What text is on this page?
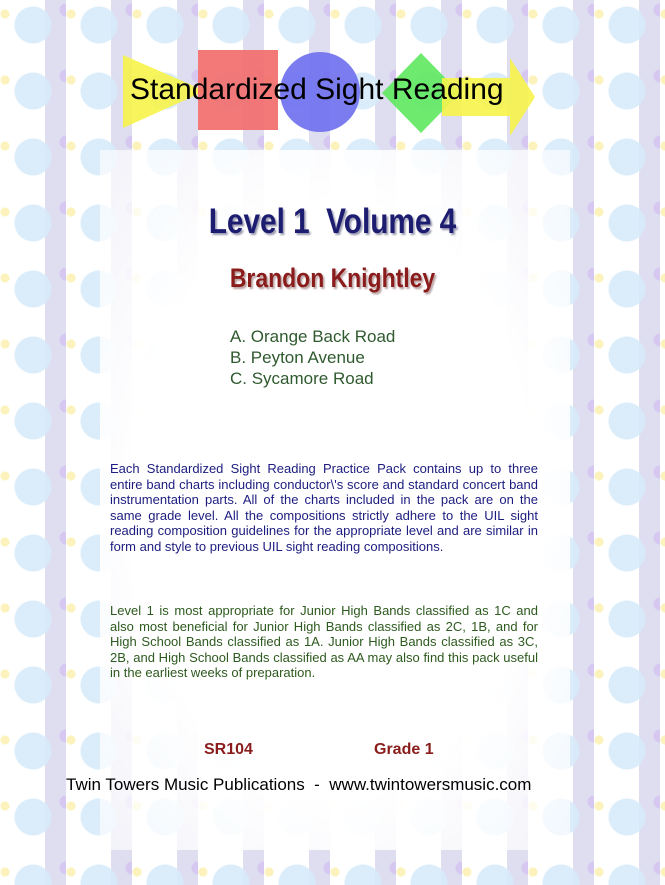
Standardized Sight Reading
Level 1  Volume 4
Brandon Knightley
A. Orange Back Road
B. Peyton Avenue
C. Sycamore Road
Each Standardized Sight Reading Practice Pack contains up to three entire band charts including conductor\'s score and standard concert band instrumentation parts. All of the charts included in the pack are on the same grade level. All the compositions strictly adhere to the UIL sight reading composition guidelines for the appropriate level and are similar in form and style to previous UIL sight reading compositions.
Level 1 is most appropriate for Junior High Bands classified as 1C and also most beneficial for Junior High Bands classified as 2C, 1B, and for High School Bands classified as 1A. Junior High Bands classified as 3C, 2B, and High School Bands classified as AA may also find this pack useful in the earliest weeks of preparation.
SR104	Grade 1
Twin Towers Music Publications  -  www.twintowersmusic.com
